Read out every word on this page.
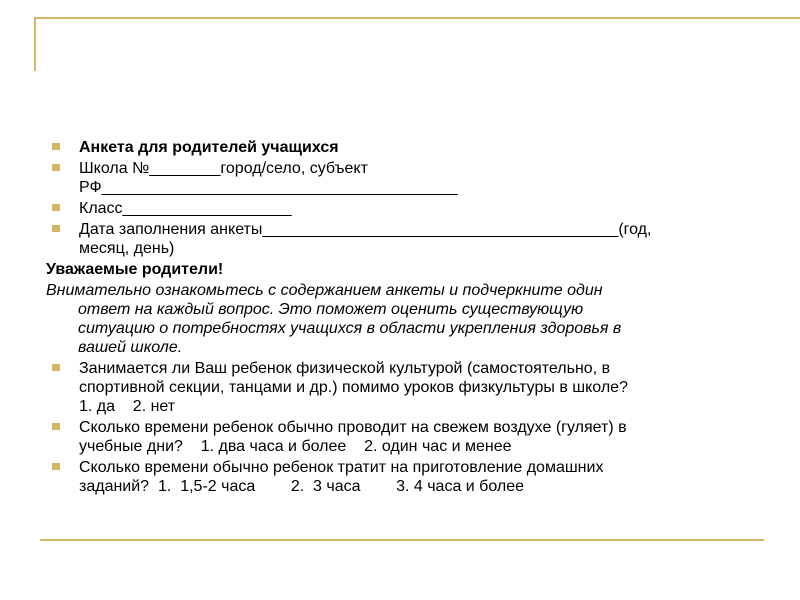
Анкета для родителей учащихся
Школа №________город/село, субъект
РФ________________________________________
Класс___________________
Дата заполнения анкеты________________________________________(год,
месяц, день)
Уважаемые родители!
Внимательно ознакомьтесь с содержанием анкеты и подчеркните один
ответ на каждый вопрос. Это поможет оценить существующую
ситуацию о потребностях учащихся в области укрепления здоровья в
вашей школе.
Занимается ли Ваш ребенок физической культурой (самостоятельно, в
спортивной секции, танцами и др.) помимо уроков физкультуры в школе?
1. да    2. нет
Сколько времени ребенок обычно проводит на свежем воздухе (гуляет) в
учебные дни?    1. два часа и более    2. один час и менее
Сколько времени обычно ребенок тратит на приготовление домашних
заданий?  1.  1,5-2 часа        2.  3 часа        3. 4 часа и более
